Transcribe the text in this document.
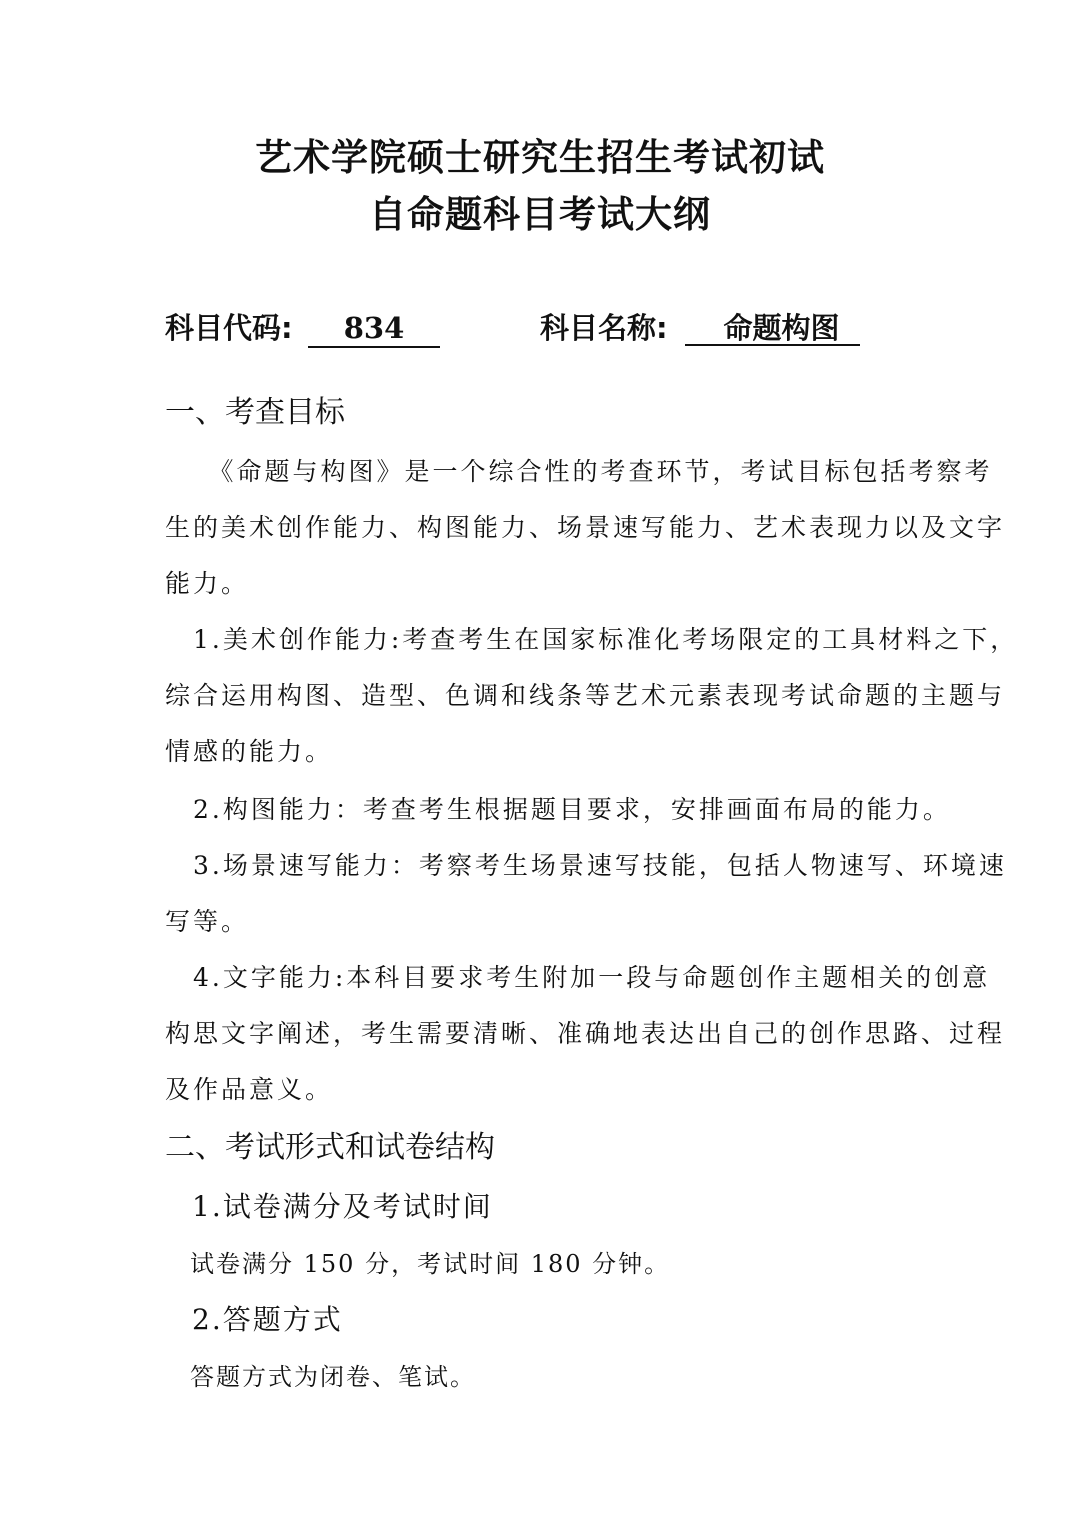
艺术学院硕士研究生招生考试初试
自命题科目考试大纲
科目代码:	834	科目名称:	命题构图
一、考查目标
　　《命题与构图》是一个综合性的考查环节，考试目标包括考察考
生的美术创作能力、构图能力、场景速写能力、艺术表现力以及文字
能力。
　1.美术创作能力:考查考生在国家标准化考场限定的工具材料之下，
综合运用构图、造型、色调和线条等艺术元素表现考试命题的主题与
情感的能力。
　2.构图能力：考查考生根据题目要求，安排画面布局的能力。
　3.场景速写能力：考察考生场景速写技能，包括人物速写、环境速
写等。
　4.文字能力:本科目要求考生附加一段与命题创作主题相关的创意
构思文字阐述，考生需要清晰、准确地表达出自己的创作思路、过程
及作品意义。
二、考试形式和试卷结构
1.试卷满分及考试时间
试卷满分 150 分，考试时间 180 分钟。
2.答题方式
答题方式为闭卷、笔试。
